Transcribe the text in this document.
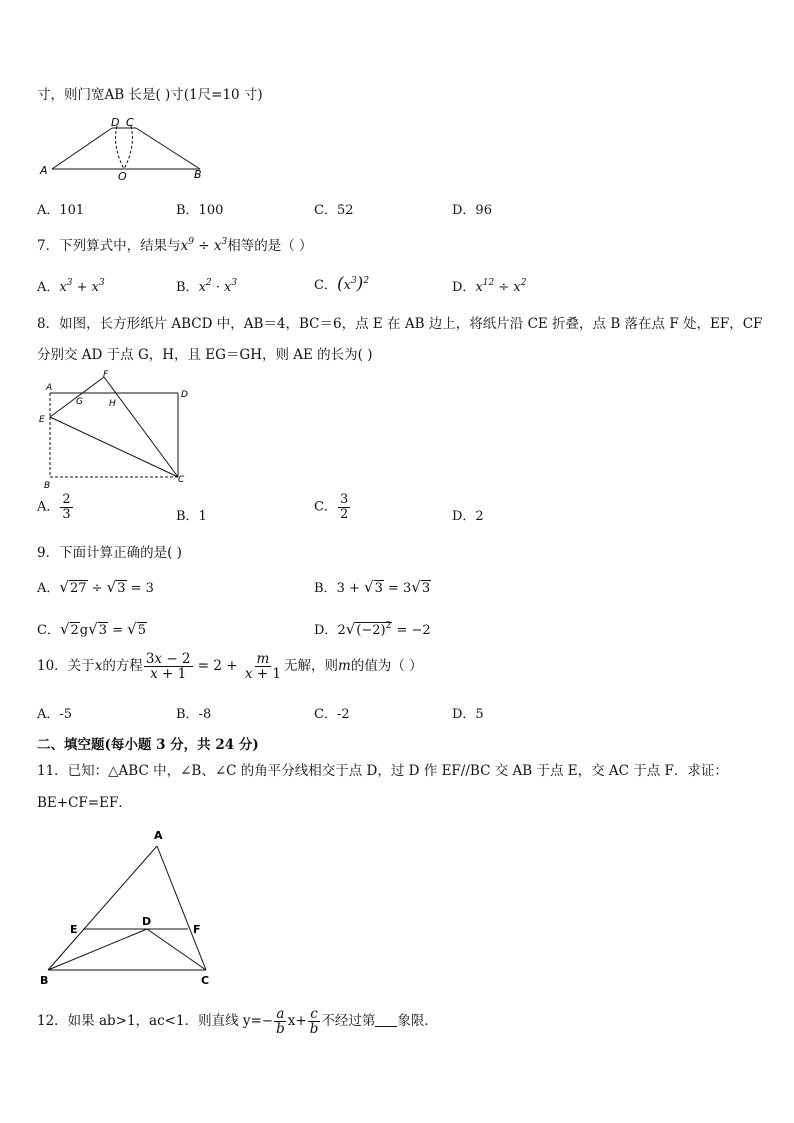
寸，则门宽AB 长是( )寸(1尺=10 寸)
A	B
D C
O
A．101	B．100	C．52	D．96
7．下列算式中，结果与$x^9 \div x^3$相等的是（ ）
A．$x^3 + x^3$	B．$x^2 \cdot x^3$	C．$(x^3)^2$	D．$x^{12} \div x^2$
8．如图，长方形纸片 ABCD 中，AB＝4，BC＝6，点 E 在 AB 边上，将纸片沿 CE 折叠，点 B 落在点 F 处，EF，CF
分别交 AD 于点 G，H，且 EG＝GH，则 AE 的长为( )
A
D
E
F
G	H
B
C
A． $\frac{2}{3}$	B．1
C． $\frac{3}{2}$	D．2
9．下面计算正确的是( )
A．√27 ÷ √3 = 3	B．3 + √3 = 3√3
C．√2g√3 = √5	D．$2√(-2)^2 = -2$
10．关于x的方程 $\frac{3x - 2}{x + 1} = 2 + \frac{m}{x + 1}$ 无解，则m的值为（ ）
A．-5	B．-8	C．-2	D．5
二、填空题(每小题 3 分，共 24 分)
11．已知：△ABC 中，∠B、∠C 的角平分线相交于点 D，过 D 作 EF//BC 交 AB 于点 E，交 AC 于点 F．求证：
BE+CF=EF．
A
B	C
D
E	F
12．如果 ab>1，ac<1．则直线 $y=- \frac{a}{b} x+ \frac{c}{b}$ 不经过第 象限．
